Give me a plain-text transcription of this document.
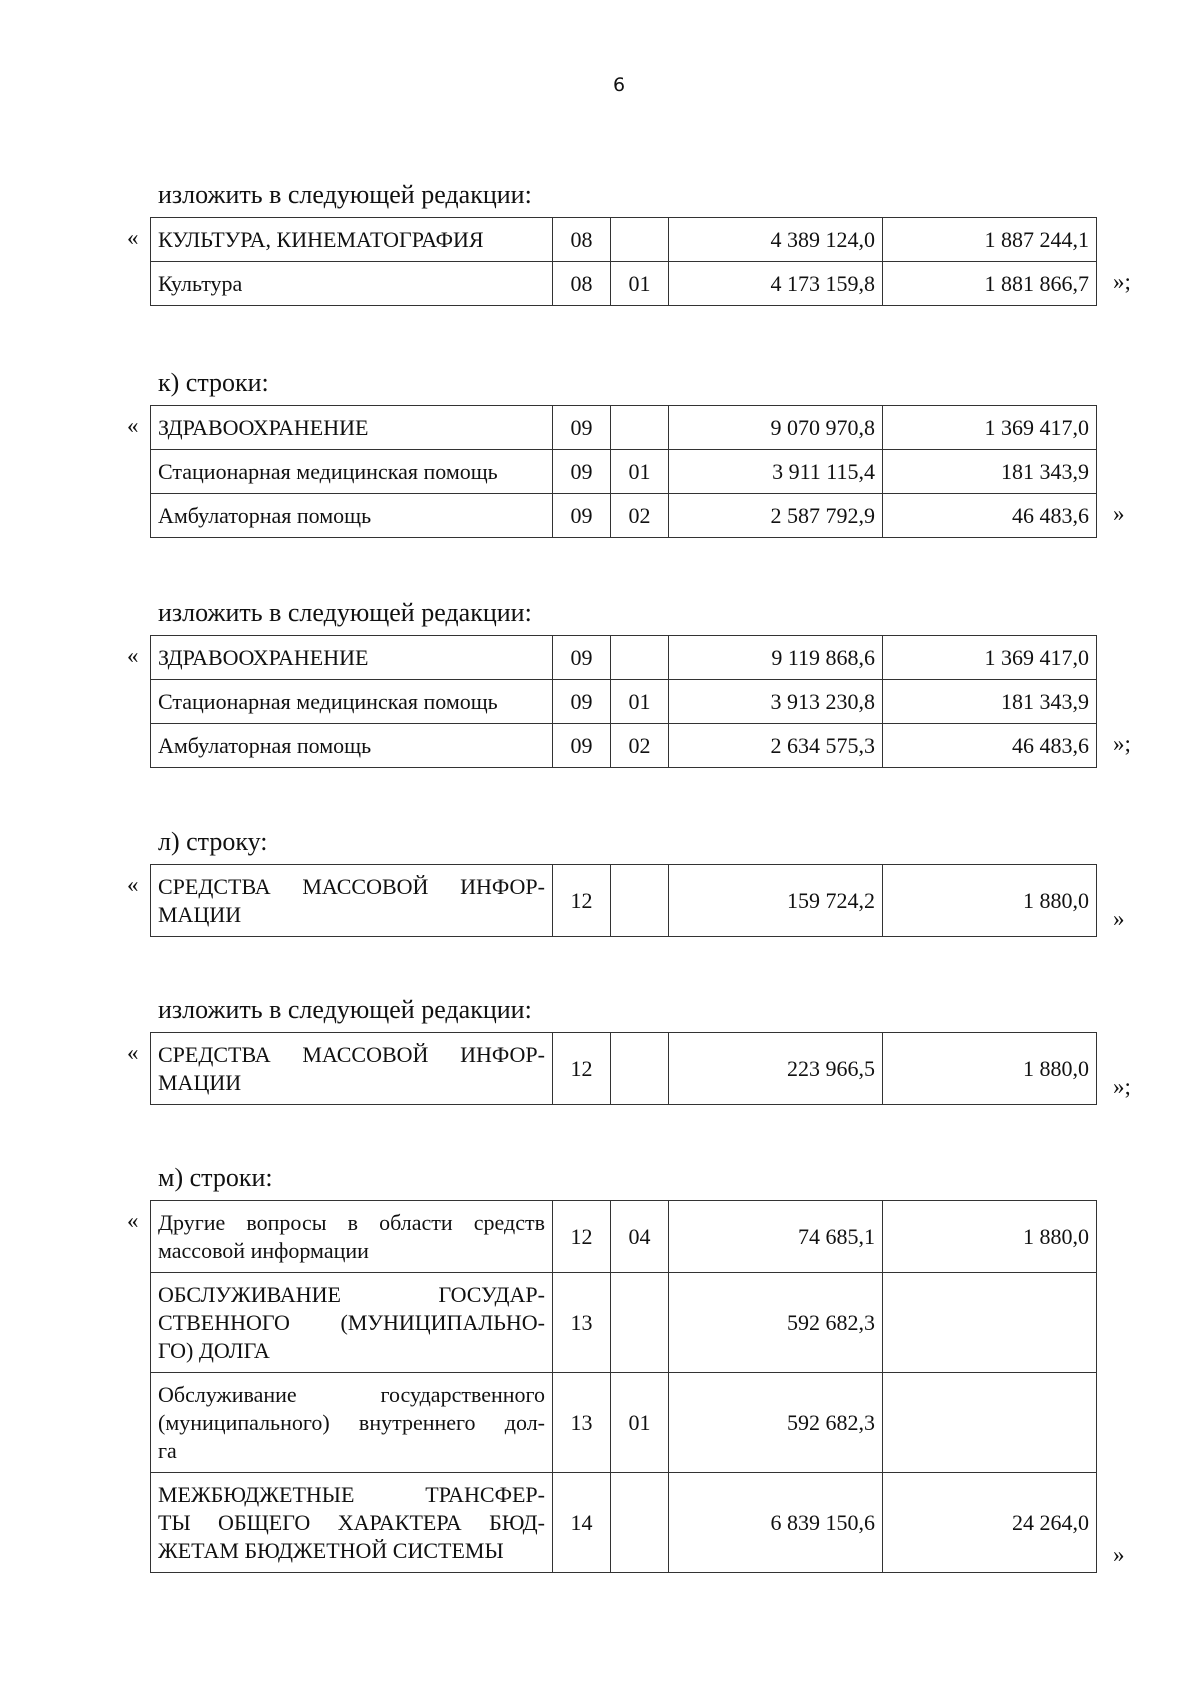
6
изложить в следующей редакции:
« КУЛЬТУРА, КИНЕМАТОГРАФИЯ	08		4 389 124,0	1 887 244,1
Культура	08	01	4 173 159,8	1 881 866,7 »;
к) строки:
« ЗДРАВООХРАНЕНИЕ	09		9 070 970,8	1 369 417,0
Стационарная медицинская помощь	09	01	3 911 115,4	181 343,9
Амбулаторная помощь	09	02	2 587 792,9	46 483,6 »
изложить в следующей редакции:
« ЗДРАВООХРАНЕНИЕ	09		9 119 868,6	1 369 417,0
Стационарная медицинская помощь	09	01	3 913 230,8	181 343,9
Амбулаторная помощь	09	02	2 634 575,3	46 483,6 »;
л) строку:
« СРЕДСТВА МАССОВОЙ ИНФОР-
МАЦИИ
	12		159 724,2	1 880,0
»
изложить в следующей редакции:
« СРЕДСТВА МАССОВОЙ ИНФОР-
МАЦИИ
	12		223 966,5	1 880,0
»;
м) строки:
« Другие вопросы в области средств
массовой информации	12	04	74 685,1	1 880,0

ОБСЛУЖИВАНИЕ ГОСУДАР-
СТВЕННОГО (МУНИЦИПАЛЬНО-
ГО) ДОЛГА	13		592 682,3	

Обслуживание государственного
(муниципального) внутреннего дол-
га	13	01	592 682,3	

МЕЖБЮДЖЕТНЫЕ ТРАНСФЕР-
ТЫ ОБЩЕГО ХАРАКТЕРА БЮД-
ЖЕТАМ БЮДЖЕТНОЙ СИСТЕМЫ	14		6 839 150,6	24 264,0
»
